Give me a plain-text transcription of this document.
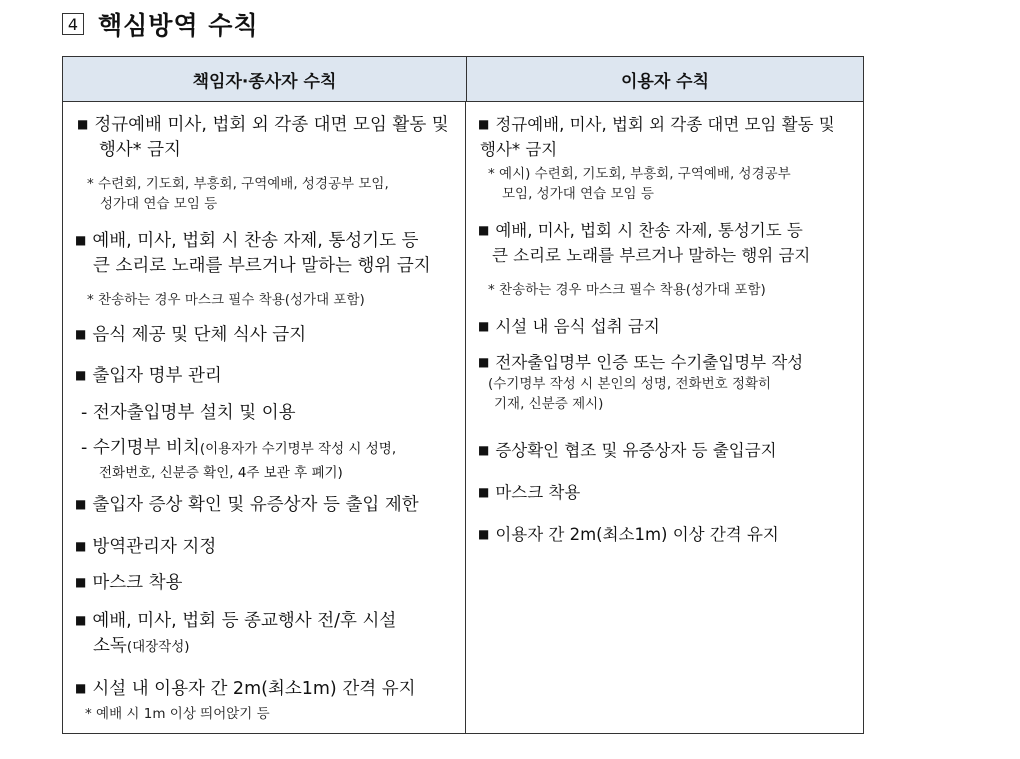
4 핵심방역 수칙
책임자·종사자 수칙	이용자 수칙
■ 정규예배 미사, 법회 외 각종 대면 모임 활동 및
행사* 금지
* 수련회, 기도회, 부흥회, 구역예배, 성경공부 모임,
성가대 연습 모임 등
■ 예배, 미사, 법회 시 찬송 자제, 통성기도 등
큰 소리로 노래를 부르거나 말하는 행위 금지
* 찬송하는 경우 마스크 필수 착용(성가대 포함)
■ 음식 제공 및 단체 식사 금지
■ 출입자 명부 관리
- 전자출입명부 설치 및 이용
- 수기명부 비치(이용자가 수기명부 작성 시 성명,
전화번호, 신분증 확인, 4주 보관 후 폐기)
■ 출입자 증상 확인 및 유증상자 등 출입 제한
■ 방역관리자 지정
■ 마스크 착용
■ 예배, 미사, 법회 등 종교행사 전/후 시설
소독(대장작성)
■ 시설 내 이용자 간 2m(최소1m) 간격 유지
* 예배 시 1m 이상 띄어앉기 등
■ 정규예배, 미사, 법회 외 각종 대면 모임 활동 및
행사* 금지
* 예시) 수련회, 기도회, 부흥회, 구역예배, 성경공부
모임, 성가대 연습 모임 등
■ 예배, 미사, 법회 시 찬송 자제, 통성기도 등
큰 소리로 노래를 부르거나 말하는 행위 금지
* 찬송하는 경우 마스크 필수 착용(성가대 포함)
■ 시설 내 음식 섭취 금지
■ 전자출입명부 인증 또는 수기출입명부 작성
(수기명부 작성 시 본인의 성명, 전화번호 정확히
기재, 신분증 제시)
■ 증상확인 협조 및 유증상자 등 출입금지
■ 마스크 착용
■ 이용자 간 2m(최소1m) 이상 간격 유지
